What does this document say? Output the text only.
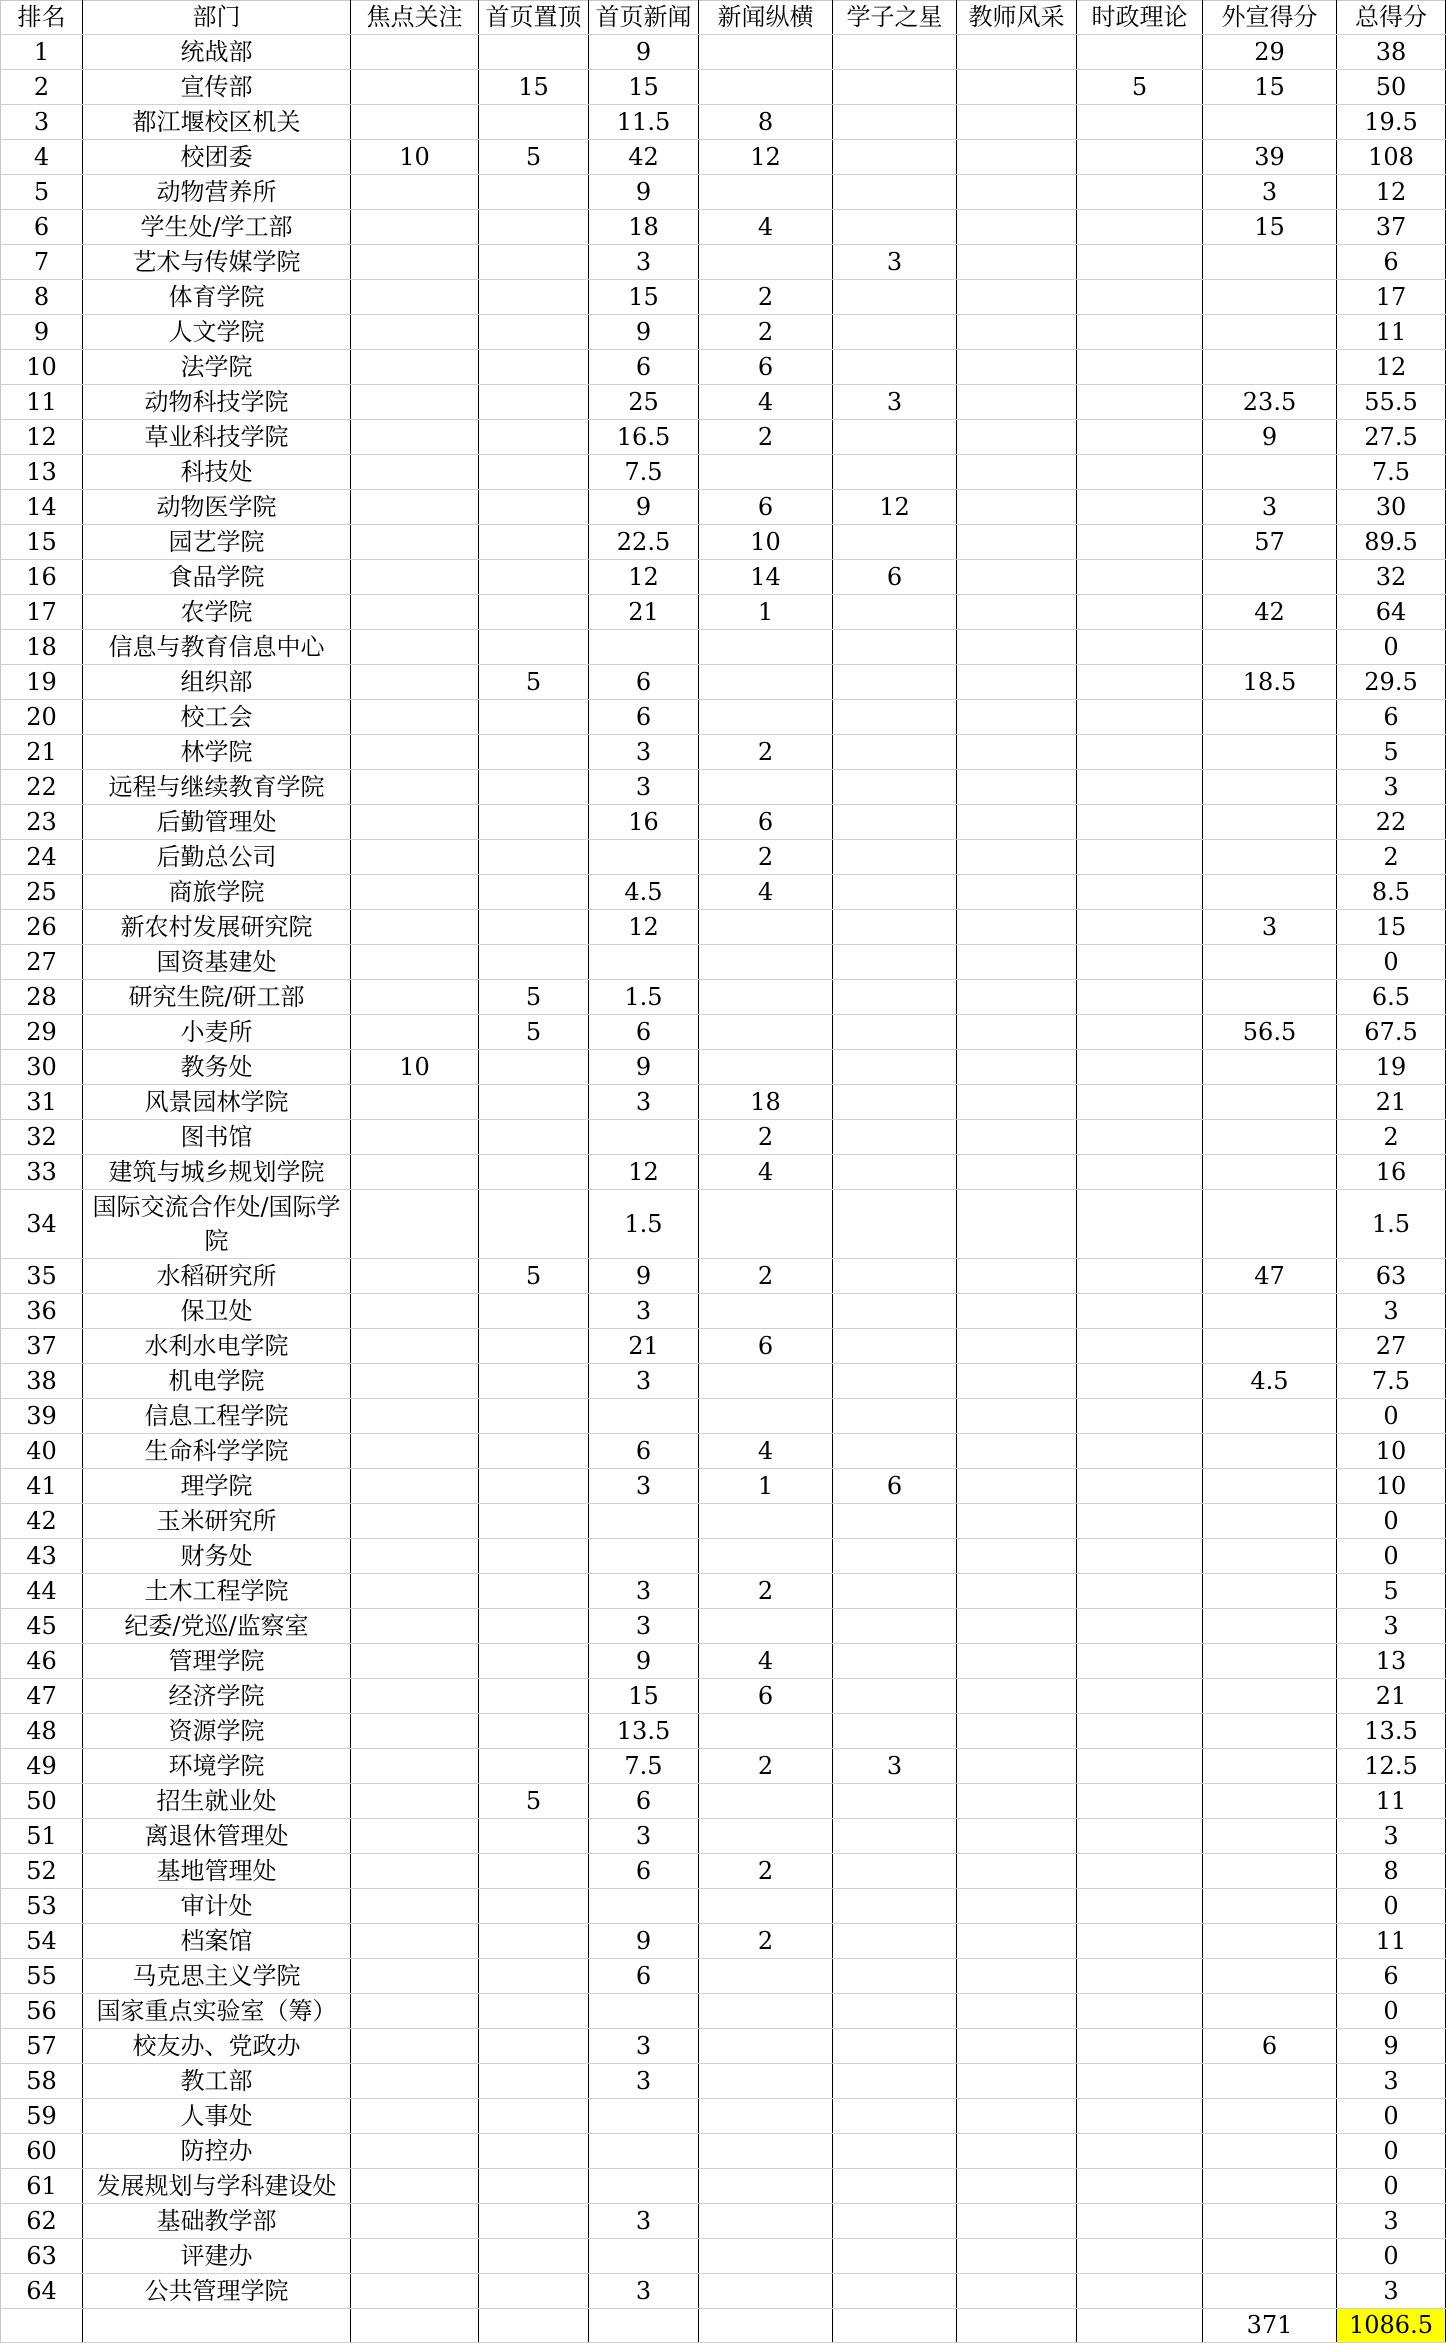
排名	部门	焦点关注	首页置顶	首页新闻	新闻纵横	学子之星	教师风采	时政理论	外宣得分	总得分
1	统战部			9					29	38
2	宣传部		15	15				5	15	50
3	都江堰校区机关			11.5	8					19.5
4	校团委	10	5	42	12				39	108
5	动物营养所			9					3	12
6	学生处/学工部			18	4				15	37
7	艺术与传媒学院			3		3				6
8	体育学院			15	2					17
9	人文学院			9	2					11
10	法学院			6	6					12
11	动物科技学院			25	4	3			23.5	55.5
12	草业科技学院			16.5	2				9	27.5
13	科技处			7.5						7.5
14	动物医学院			9	6	12			3	30
15	园艺学院			22.5	10				57	89.5
16	食品学院			12	14	6				32
17	农学院			21	1				42	64
18	信息与教育信息中心									0
19	组织部		5	6					18.5	29.5
20	校工会			6						6
21	林学院			3	2					5
22	远程与继续教育学院			3						3
23	后勤管理处			16	6					22
24	后勤总公司				2					2
25	商旅学院			4.5	4					8.5
26	新农村发展研究院			12					3	15
27	国资基建处									0
28	研究生院/研工部		5	1.5						6.5
29	小麦所		5	6					56.5	67.5
30	教务处	10		9						19
31	风景园林学院			3	18					21
32	图书馆				2					2
33	建筑与城乡规划学院			12	4					16
34	国际交流合作处/国际学院			1.5						1.5
35	水稻研究所		5	9	2				47	63
36	保卫处			3						3
37	水利水电学院			21	6					27
38	机电学院			3					4.5	7.5
39	信息工程学院									0
40	生命科学学院			6	4					10
41	理学院			3	1	6				10
42	玉米研究所									0
43	财务处									0
44	土木工程学院			3	2					5
45	纪委/党巡/监察室			3						3
46	管理学院			9	4					13
47	经济学院			15	6					21
48	资源学院			13.5						13.5
49	环境学院			7.5	2	3				12.5
50	招生就业处		5	6						11
51	离退休管理处			3						3
52	基地管理处			6	2					8
53	审计处									0
54	档案馆			9	2					11
55	马克思主义学院			6						6
56	国家重点实验室（筹）									0
57	校友办、党政办			3					6	9
58	教工部			3						3
59	人事处									0
60	防控办									0
61	发展规划与学科建设处									0
62	基础教学部			3						3
63	评建办									0
64	公共管理学院			3						3
									371	1086.5
